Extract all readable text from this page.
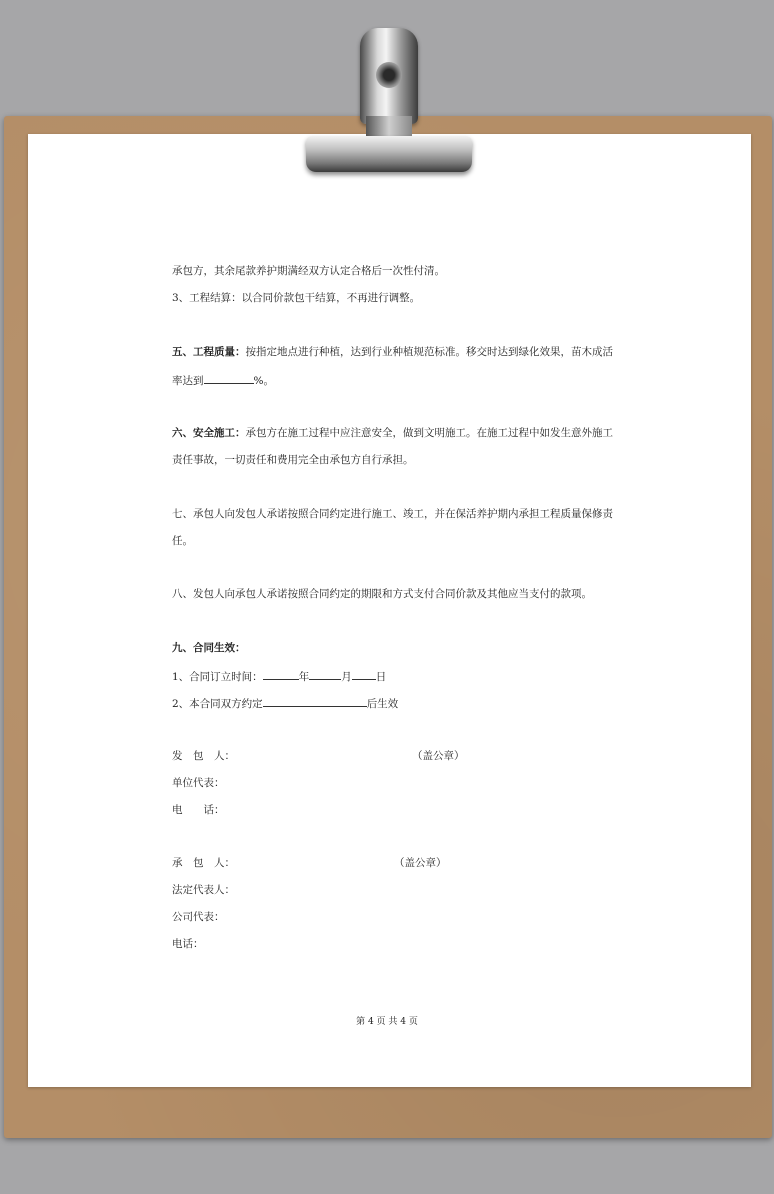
承包方，其余尾款养护期满经双方认定合格后一次性付清。
3、工程结算：以合同价款包干结算，不再进行调整。
五、工程质量：按指定地点进行种植，达到行业种植规范标准。移交时达到绿化效果，苗木成活
率达到	%。
六、安全施工：承包方在施工过程中应注意安全，做到文明施工。在施工过程中如发生意外施工
责任事故，一切责任和费用完全由承包方自行承担。
七、承包人向发包人承诺按照合同约定进行施工、竣工，并在保活养护期内承担工程质量保修责
任。
八、发包人向承包人承诺按照合同约定的期限和方式支付合同价款及其他应当支付的款项。
九、合同生效：
1、合同订立时间：	年	月 日
2、本合同双方约定	后生效
发　包　人：	（盖公章）
单位代表：
电　　话：
承　包　人：	（盖公章）
法定代表人：
公司代表：
电话：
第 4 页 共 4 页
